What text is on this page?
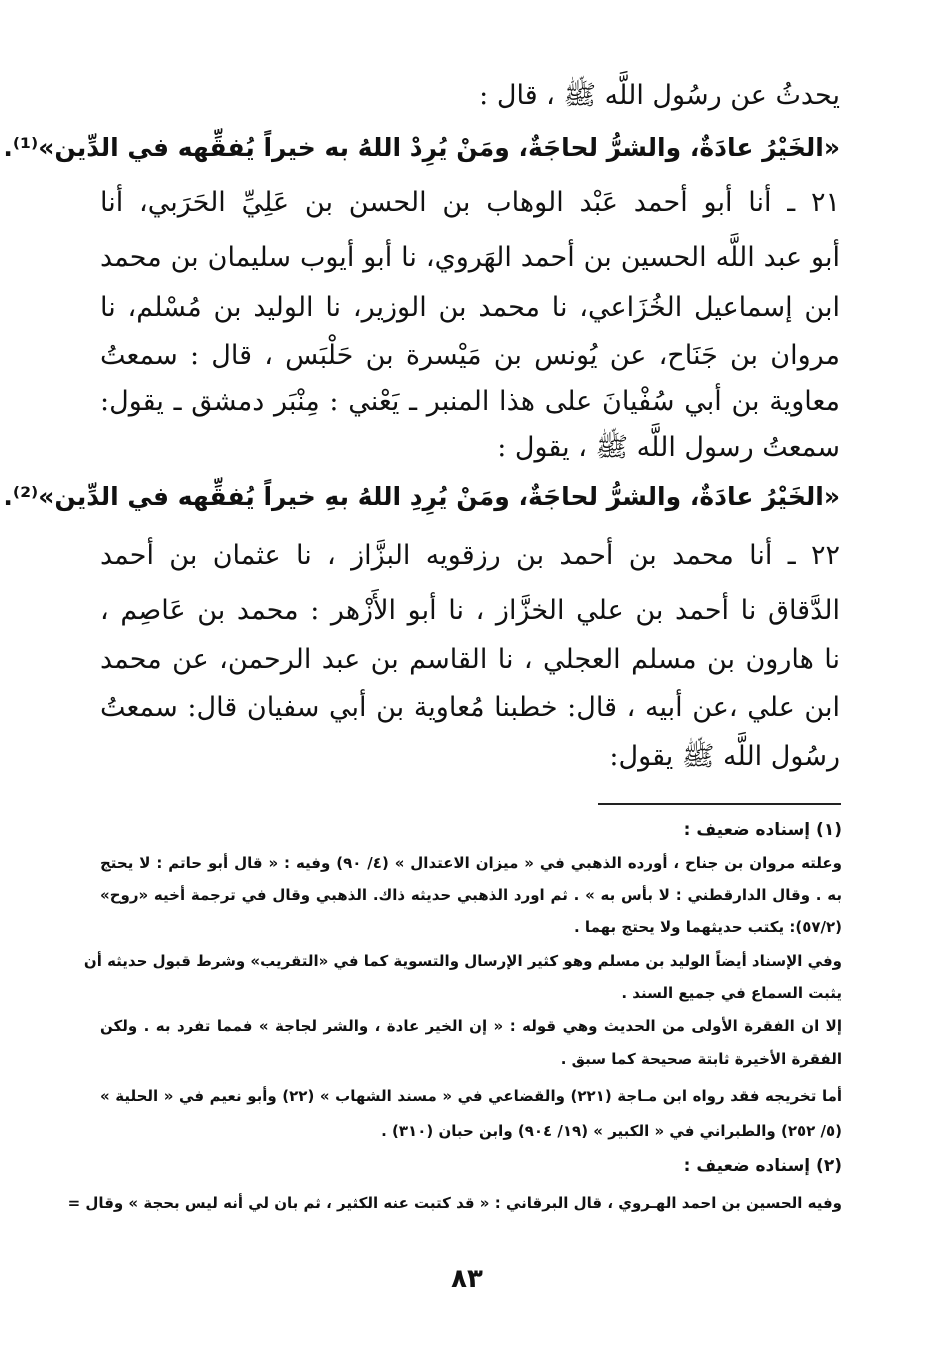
يحدثُ عن رسُول اللَّه ﷺ ، قال :
«الخَيْرُ عادَةٌ، والشرُّ لحاجَةٌ، ومَنْ يُرِدْ اللهُ به خيراً يُفقِّهه في الدِّين»⁽¹⁾.
٢١ ـ أنا أبو أحمد عَبْد الوهاب بن الحسن بن عَلِيِّ الحَرَبي، أنا
أبو عبد اللَّه الحسين بن أحمد الهَروي، نا أبو أيوب سليمان بن محمد
ابن إسماعيل الخُزَاعي، نا محمد بن الوزير، نا الوليد بن مُسْلم، نا
مروان بن جَنَاح، عن يُونس بن مَيْسرة بن حَلْبَس ، قال : سمعتُ
معاوية بن أبي سُفْيانَ على هذا المنبر ـ يَعْني : مِنْبَر دمشق ـ يقول:
سمعتُ رسول اللَّه ﷺ ، يقول :
«الخَيْرُ عادَةٌ، والشرُّ لحاجَةٌ، ومَنْ يُرِدِ اللهُ بهِ خيراً يُفقِّهه في الدِّين»⁽²⁾.
٢٢ ـ أنا محمد بن أحمد بن رزقويه البزَّاز ، نا عثمان بن أحمد
الدَّقاق نا أحمد بن علي الخزَّاز ، نا أبو الأَزْهر : محمد بن عَاصِم ،
نا هارون بن مسلم العجلي ، نا القاسم بن عبد الرحمن، عن محمد
ابن علي ،عن أبيه ، قال: خطبنا مُعاوية بن أبي سفيان قال: سمعتُ
رسُول اللَّه ﷺ يقول:
(١) إسناده ضعيف :
وعلته مروان بن جناح ، أورده الذهبي في « ميزان الاعتدال » (٤/ ٩٠) وفيه : « قال أبو حاتم : لا يحتج
به . وقال الدارقطني : لا بأس به » . ثم اورد الذهبي حديثه ذاك. الذهبي وقال في ترجمة أخيه «روح»
(٥٧/٢): يكتب حديثهما ولا يحتج بهما .
وفي الإسناد أيضاً الوليد بن مسلم وهو كثير الإرسال والتسوية كما في «التقريب» وشرط قبول حديثه أن
يثبت السماع في جميع السند .
إلا ان الفقرة الأولى من الحديث وهي قوله : « إن الخير عادة ، والشر لجاجة » فمما تفرد به . ولكن
الفقرة الأخيرة ثابتة صحيحة كما سبق .
أما تخريجه فقد رواه ابن مـاجة (٢٢١) والقضاعي في « مسند الشهاب » (٢٢) وأبو نعيم في « الحلية »
(٥/ ٢٥٢) والطبراني في « الكبير » (١٩/ ٩٠٤) وابن حبان (٣١٠) .
(٢) إسناده ضعيف :
وفيه الحسين بن احمد الهـروي ، قال البرقاني : « قد كتبت عنه الكثير ، ثم بان لي أنه ليس بحجة » وقال =
٨٣
